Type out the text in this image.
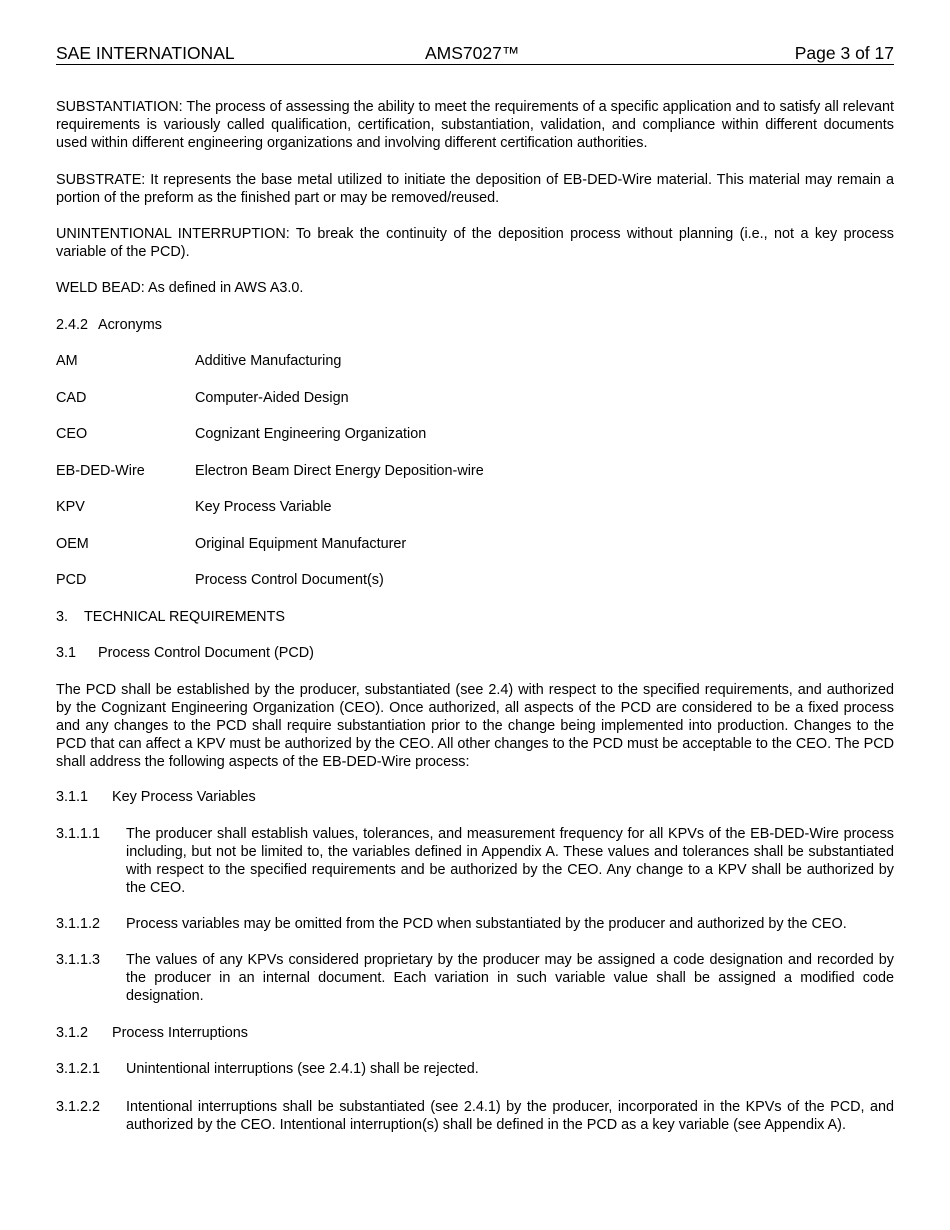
SAE INTERNATIONAL	AMS7027™	Page 3 of 17

SUBSTANTIATION: The process of assessing the ability to meet the requirements of a specific application and to satisfy all relevant requirements is variously called qualification, certification, substantiation, validation, and compliance within different documents used within different engineering organizations and involving different certification authorities.

SUBSTRATE: It represents the base metal utilized to initiate the deposition of EB-DED-Wire material. This material may remain a portion of the preform as the finished part or may be removed/reused.

UNINTENTIONAL INTERRUPTION: To break the continuity of the deposition process without planning (i.e., not a key process variable of the PCD).

WELD BEAD: As defined in AWS A3.0.

2.4.2 Acronyms
AM	Additive Manufacturing
CAD	Computer-Aided Design
CEO	Cognizant Engineering Organization
EB-DED-Wire	Electron Beam Direct Energy Deposition-wire
KPV	Key Process Variable
OEM	Original Equipment Manufacturer
PCD	Process Control Document(s)
3. TECHNICAL REQUIREMENTS
3.1 Process Control Document (PCD)

The PCD shall be established by the producer, substantiated (see 2.4) with respect to the specified requirements, and authorized by the Cognizant Engineering Organization (CEO). Once authorized, all aspects of the PCD are considered to be a fixed process and any changes to the PCD shall require substantiation prior to the change being implemented into production. Changes to the PCD that can affect a KPV must be authorized by the CEO. All other changes to the PCD must be acceptable to the CEO. The PCD shall address the following aspects of the EB-DED-Wire process:

3.1.1 Key Process Variables
3.1.1.1 The producer shall establish values, tolerances, and measurement frequency for all KPVs of the EB-DED-Wire process including, but not be limited to, the variables defined in Appendix A. These values and tolerances shall be substantiated with respect to the specified requirements and be authorized by the CEO. Any change to a KPV shall be authorized by the CEO.
3.1.1.2 Process variables may be omitted from the PCD when substantiated by the producer and authorized by the CEO.
3.1.1.3 The values of any KPVs considered proprietary by the producer may be assigned a code designation and recorded by the producer in an internal document. Each variation in such variable value shall be assigned a modified code designation.
3.1.2 Process Interruptions
3.1.2.1 Unintentional interruptions (see 2.4.1) shall be rejected.
3.1.2.2 Intentional interruptions shall be substantiated (see 2.4.1) by the producer, incorporated in the KPVs of the PCD, and authorized by the CEO. Intentional interruption(s) shall be defined in the PCD as a key variable (see Appendix A).
